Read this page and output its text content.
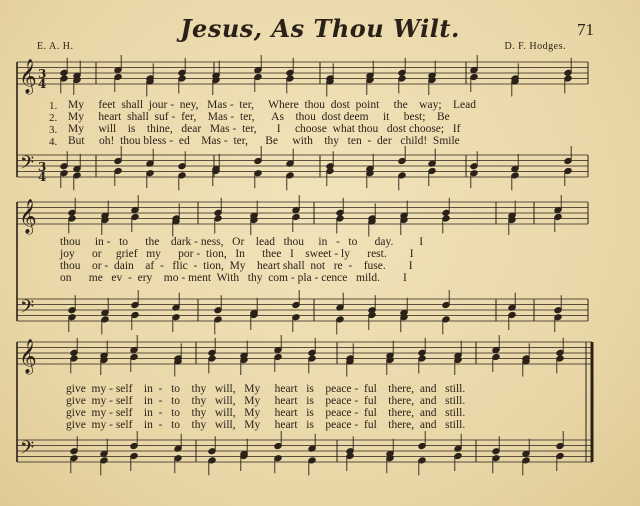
Jesus, As Thou Wilt.	71
E. A. H.	D. F. Hodges.
𝄞
𝄢
𝄞
𝄢
𝄞
𝄢
3
4
3
4
1.
2.
3.
4.
My     feet  shall  jour -  ney,   Mas -  ter,     Where  thou  dost  point     the    way;    Lead
My     heart  shall  suf -  fer,    Mas -  ter,      As    thou  dost deem     it     best;    Be
My     will    is    thine,   dear   Mas -  ter,       I     choose  what thou   dost choose;   If
But     oh!  thou bless -  ed    Mas -  ter,      Be     with    thy   ten  -  der   child!  Smile
thou     in -   to      the    dark - ness,   Or    lead   thou     in   -   to      day.         I
joy      or     grief   my      por -  tion,   In      thee   I    sweet - ly      rest.        I
thou    or -  dain    af  -   flic  -  tion,  My    heart shall  not   re  -    fuse.        I
on      me   ev  -  ery    mo - ment  With   thy  com - pla - cence   mild.        I
give  my - self    in  -   to    thy   will,   My     heart   is    peace -  ful    there,  and   still.
give  my - self    in  -   to    thy   will,   My     heart   is    peace -  ful    there,  and   still.
give  my - self    in  -   to    thy   will,   My     heart   is    peace -  ful    there,  and   still.
give  my - self    in  -   to    thy   will,   My     heart   is    peace -  ful    there,  and   still.
